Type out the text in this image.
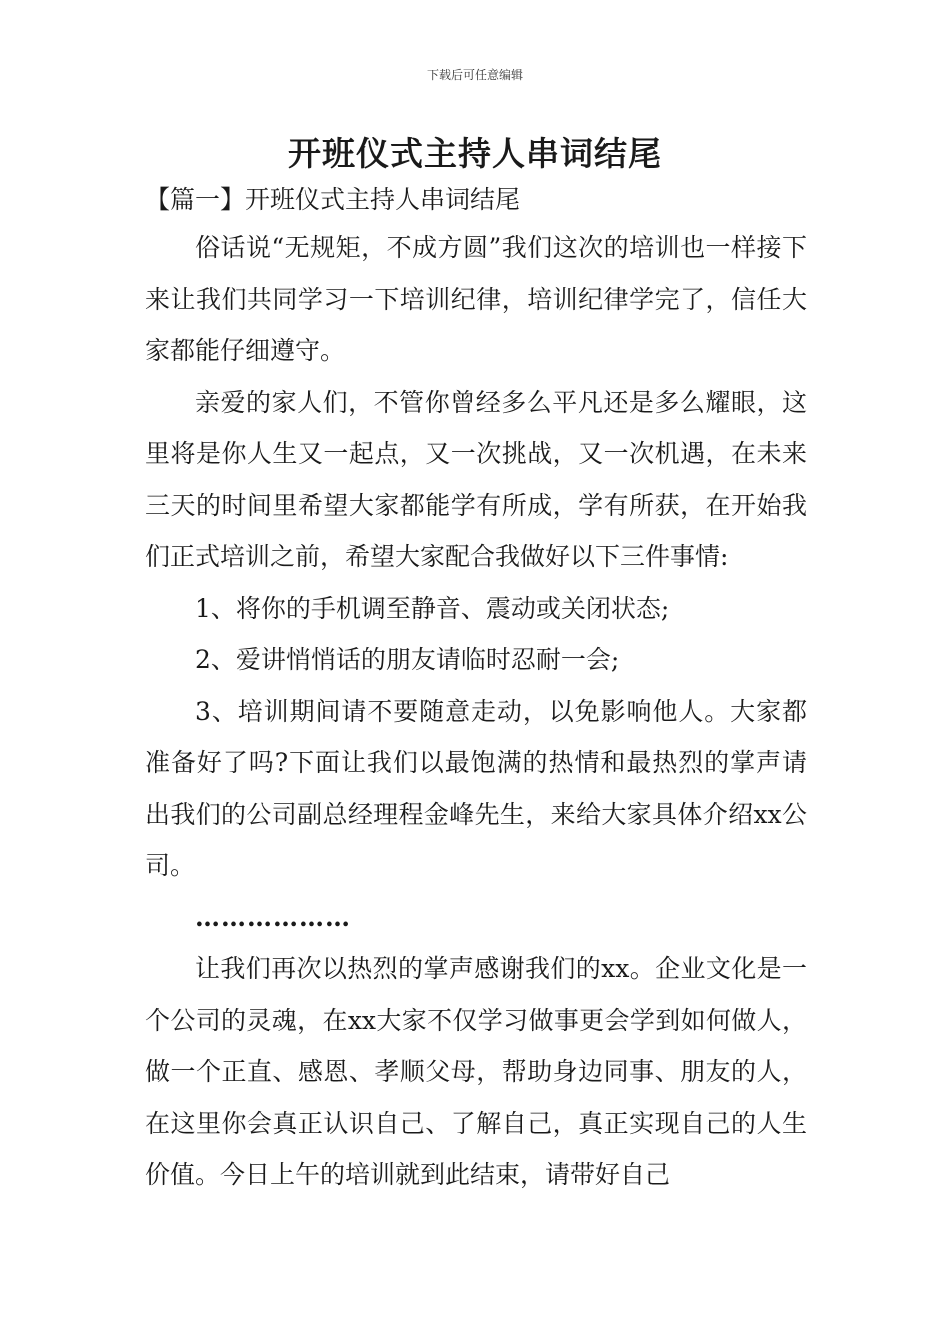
下载后可任意编辑
开班仪式主持人串词结尾
【篇一】开班仪式主持人串词结尾

俗话说“无规矩，不成方圆”我们这次的培训也一样接下来让我们共同学习一下培训纪律，培训纪律学完了，信任大家都能仔细遵守。

亲爱的家人们，不管你曾经多么平凡还是多么耀眼，这里将是你人生又一起点，又一次挑战，又一次机遇，在未来三天的时间里希望大家都能学有所成，学有所获，在开始我们正式培训之前，希望大家配合我做好以下三件事情:

1、将你的手机调至静音、震动或关闭状态;

2、爱讲悄悄话的朋友请临时忍耐一会;

3、培训期间请不要随意走动，以免影响他人。大家都准备好了吗?下面让我们以最饱满的热情和最热烈的掌声请出我们的公司副总经理程金峰先生，来给大家具体介绍xx公司。

………………

让我们再次以热烈的掌声感谢我们的xx。企业文化是一个公司的灵魂，在xx大家不仅学习做事更会学到如何做人，做一个正直、感恩、孝顺父母，帮助身边同事、朋友的人，在这里你会真正认识自己、了解自己，真正实现自己的人生价值。今日上午的培训就到此结束，请带好自己
